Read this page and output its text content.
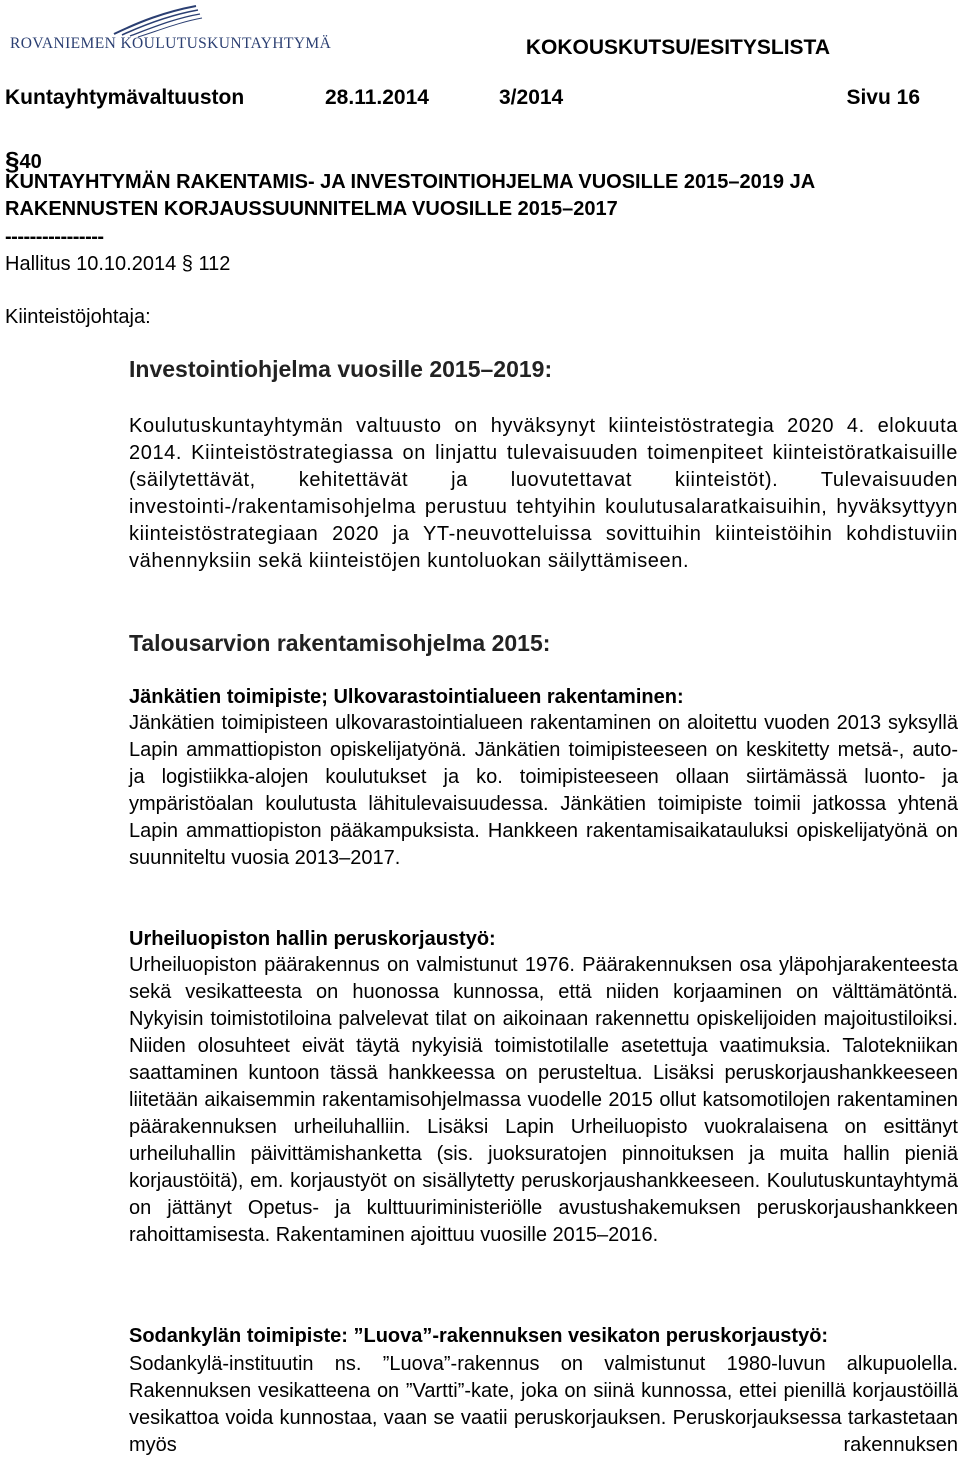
ROVANIEMEN KOULUTUSKUNTAYHTYMÄ	KOKOUSKUTSU/ESITYSLISTA
Kuntayhtymävaltuuston	28.11.2014	3/2014	Sivu 16
§40
KUNTAYHTYMÄN RAKENTAMIS- JA INVESTOINTIOHJELMA VUOSILLE 2015–2019 JA
RAKENNUSTEN KORJAUSSUUNNITELMA VUOSILLE 2015–2017
----------------
Hallitus 10.10.2014 § 112
Kiinteistöjohtaja:
Investointiohjelma vuosille 2015–2019:

Koulutuskuntayhtymän valtuusto on hyväksynyt kiinteistöstrategia 2020 4. elokuuta 2014. Kiinteistöstrategiassa on linjattu tulevaisuuden toimenpiteet kiinteistöratkaisuille (säilytettävät, kehitettävät ja luovutettavat kiinteistöt). Tulevaisuuden investointi-/rakentamisohjelma perustuu tehtyihin koulutusalaratkaisuihin, hyväksyttyyn kiinteistöstrategiaan 2020 ja YT-neuvotteluissa sovittuihin kiinteistöihin kohdistuviin vähennyksiin sekä kiinteistöjen kuntoluokan säilyttämiseen.

Talousarvion rakentamisohjelma 2015:
Jänkätien toimipiste; Ulkovarastointialueen rakentaminen:

Jänkätien toimipisteen ulkovarastointialueen rakentaminen on aloitettu vuoden 2013 syksyllä Lapin ammattiopiston opiskelijatyönä. Jänkätien toimipisteeseen on keskitetty metsä-, auto- ja logistiikka-alojen koulutukset ja ko. toimipisteeseen ollaan siirtämässä luonto- ja ympäristöalan koulutusta lähitulevaisuudessa. Jänkätien toimipiste toimii jatkossa yhtenä Lapin ammattiopiston pääkampuksista. Hankkeen rakentamisaikatauluksi opiskelijatyönä on suunniteltu vuosia 2013–2017.

Urheiluopiston hallin peruskorjaustyö:

Urheiluopiston päärakennus on valmistunut 1976. Päärakennuksen osa yläpohjarakenteesta sekä vesikatteesta on huonossa kunnossa, että niiden korjaaminen on välttämätöntä. Nykyisin toimistotiloina palvelevat tilat on aikoinaan rakennettu opiskelijoiden majoitustiloiksi. Niiden olosuhteet eivät täytä nykyisiä toimistotilalle asetettuja vaatimuksia. Talotekniikan saattaminen kuntoon tässä hankkeessa on perusteltua. Lisäksi peruskorjaushankkeeseen liitetään aikaisemmin rakentamisohjelmassa vuodelle 2015 ollut katsomotilojen rakentaminen päärakennuksen urheiluhalliin. Lisäksi Lapin Urheiluopisto vuokralaisena on esittänyt urheiluhallin päivittämishanketta (sis. juoksuratojen pinnoituksen ja muita hallin pieniä korjaustöitä), em. korjaustyöt on sisällytetty peruskorjaushankkeeseen. Koulutuskuntayhtymä on jättänyt Opetus- ja kulttuuriministeriölle avustushakemuksen peruskorjaushankkeen rahoittamisesta. Rakentaminen ajoittuu vuosille 2015–2016.

Sodankylän toimipiste: ”Luova”-rakennuksen vesikaton peruskorjaustyö:

Sodankylä-instituutin ns. ”Luova”-rakennus on valmistunut 1980-luvun alkupuolella. Rakennuksen vesikatteena on ”Vartti”-kate, joka on siinä kunnossa, ettei pienillä korjaustöillä vesikattoa voida kunnostaa, vaan se vaatii peruskorjauksen. Peruskorjauksessa tarkastetaan myös rakennuksen
